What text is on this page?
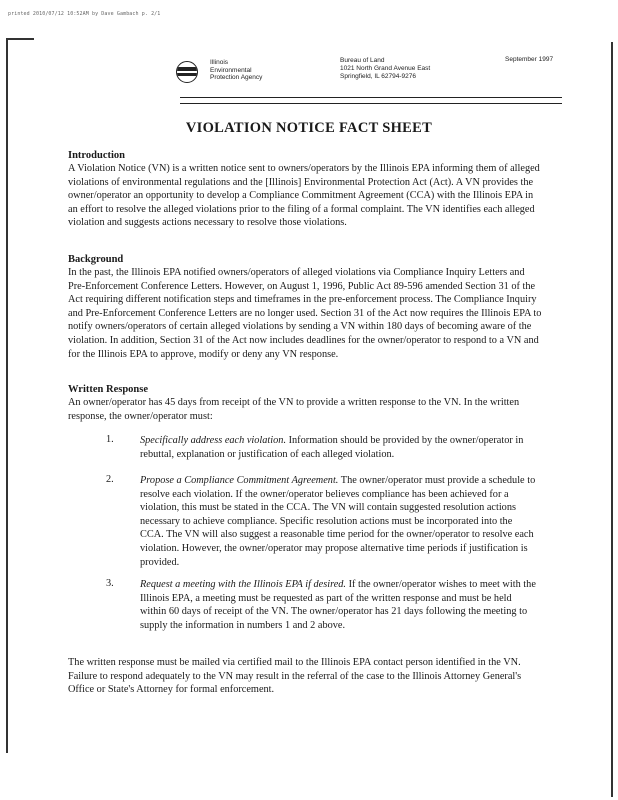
printed 2010/07/12 10:52AM by Dave Gambach p. 2/1
Illinois
Environmental
Protection Agency
Bureau of Land
1021 North Grand Avenue East
Springfield, IL 62794-9276
September 1997
VIOLATION NOTICE FACT SHEET
Introduction
A Violation Notice (VN) is a written notice sent to owners/operators by the Illinois EPA informing them of alleged violations of environmental regulations and the [Illinois] Environmental Protection Act (Act). A VN provides the owner/operator an opportunity to develop a Compliance Commitment Agreement (CCA) with the Illinois EPA in an effort to resolve the alleged violations prior to the filing of a formal complaint. The VN identifies each alleged violation and suggests actions necessary to resolve those violations.
Background
In the past, the Illinois EPA notified owners/operators of alleged violations via Compliance Inquiry Letters and Pre-Enforcement Conference Letters. However, on August 1, 1996, Public Act 89-596 amended Section 31 of the Act requiring different notification steps and timeframes in the pre-enforcement process. The Compliance Inquiry and Pre-Enforcement Conference Letters are no longer used. Section 31 of the Act now requires the Illinois EPA to notify owners/operators of certain alleged violations by sending a VN within 180 days of becoming aware of the violation. In addition, Section 31 of the Act now includes deadlines for the owner/operator to respond to a VN and for the Illinois EPA to approve, modify or deny any VN response.
Written Response
An owner/operator has 45 days from receipt of the VN to provide a written response to the VN. In the written response, the owner/operator must:
1.	Specifically address each violation. Information should be provided by the owner/operator in rebuttal, explanation or justification of each alleged violation.
2.	Propose a Compliance Commitment Agreement. The owner/operator must provide a schedule to resolve each violation. If the owner/operator believes compliance has been achieved for a violation, this must be stated in the CCA. The VN will contain suggested resolution actions necessary to achieve compliance. Specific resolution actions must be incorporated into the CCA. The VN will also suggest a reasonable time period for the owner/operator to resolve each violation. However, the owner/operator may propose alternative time periods if justification is provided.
3.	Request a meeting with the Illinois EPA if desired. If the owner/operator wishes to meet with the Illinois EPA, a meeting must be requested as part of the written response and must be held within 60 days of receipt of the VN. The owner/operator has 21 days following the meeting to supply the information in numbers 1 and 2 above.
The written response must be mailed via certified mail to the Illinois EPA contact person identified in the VN. Failure to respond adequately to the VN may result in the referral of the case to the Illinois Attorney General's Office or State's Attorney for formal enforcement.
